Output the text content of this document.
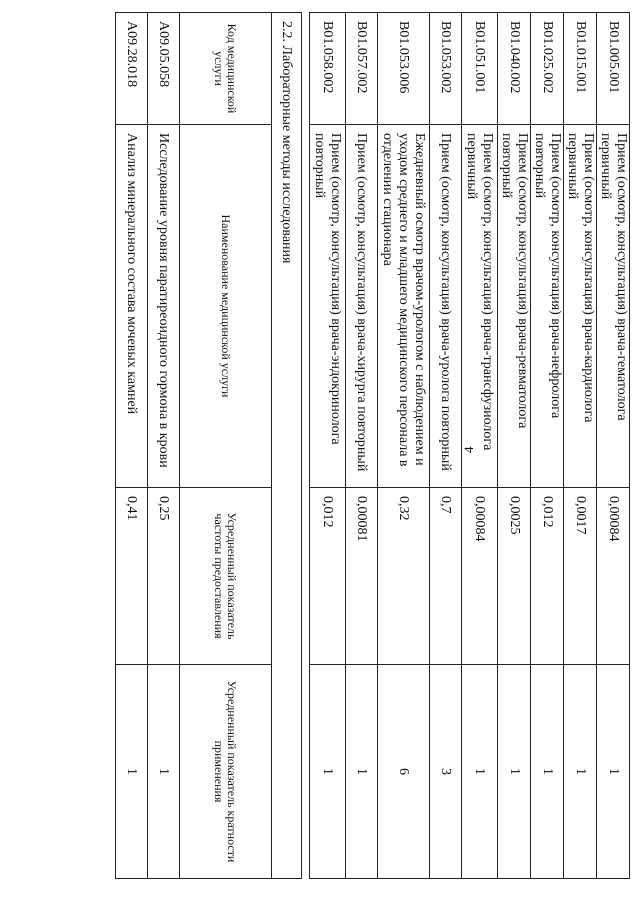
4
B01.005.001	Прием (осмотр, консультация) врача-гематолога первичный	0,00084	1
B01.015.001	Прием (осмотр, консультация) врача-кардиолога первичный	0,0017	1
B01.025.002	Прием (осмотр, консультация) врача-нефролога повторный	0,012	1
B01.040.002	Прием (осмотр, консультация) врача-ревматолога повторный	0,0025	1
B01.051.001	Прием (осмотр, консультация) врача-трансфузиолога первичный	0,00084	1
B01.053.002	Прием (осмотр, консультация) врача-уролога повторный	0,7	3
B01.053.006	Ежедневный осмотр врачом-урологом с наблюдением и уходом среднего и младшего медицинского персонала в отделении стационара	0,32	6
B01.057.002	Прием (осмотр, консультация) врача-хирурга повторный	0,00081	1
B01.058.002	Прием (осмотр, консультация) врача-эндокринолога повторный	0,012	1
2.2. Лабораторные методы исследования			
Код медицинской услуги	Наименование медицинской услуги	Усредненный показатель частоты предоставления	Усредненный показатель кратности применения
A09.05.058	Исследование уровня паратиреоидного гормона в крови	0,25	1
A09.28.018	Анализ минерального состава мочевых камней	0,41	1
